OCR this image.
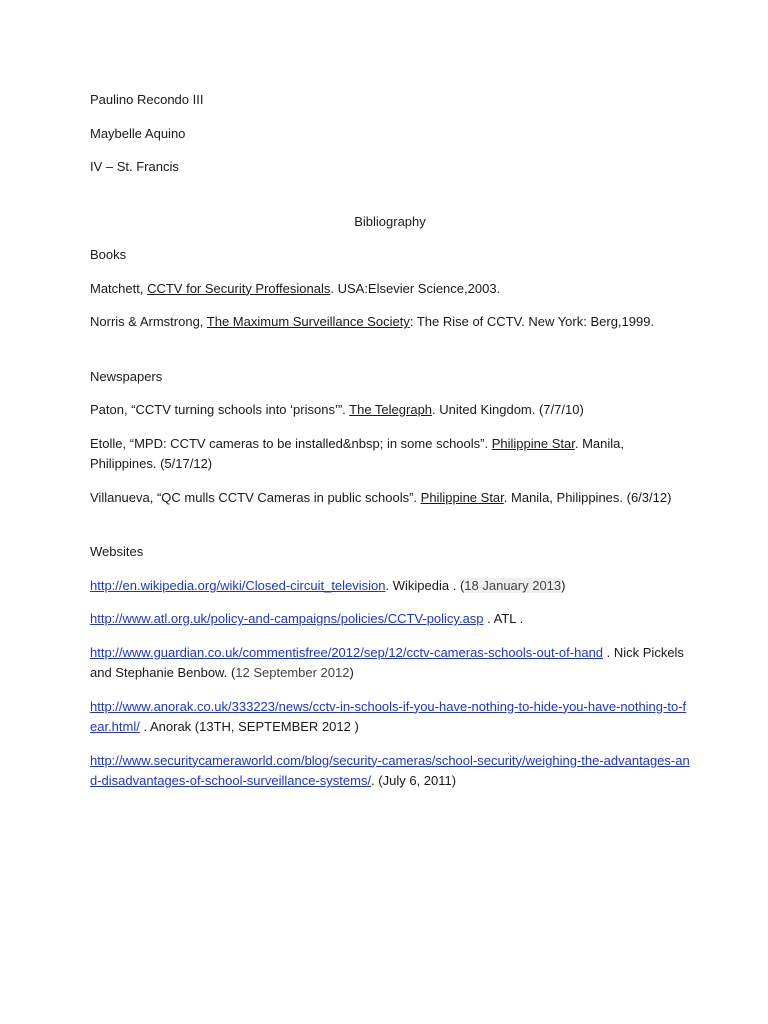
Paulino Recondo III

Maybelle Aquino

IV – St. Francis

Bibliography

Books

Matchett, CCTV for Security Proffesionals. USA:Elsevier Science,2003.

Norris & Armstrong, The Maximum Surveillance Society: The Rise of CCTV. New York: Berg,1999.

Newspapers

Paton, “CCTV turning schools into ‘prisons’”. The Telegraph. United Kingdom. (7/7/10)

Etolle, “MPD: CCTV cameras to be installed&nbsp; in some schools”. Philippine Star. Manila, Philippines. (5/17/12)

Villanueva, “QC mulls CCTV Cameras in public schools”. Philippine Star. Manila, Philippines. (6/3/12)

Websites

http://en.wikipedia.org/wiki/Closed-circuit_television. Wikipedia . (18 January 2013)

http://www.atl.org.uk/policy-and-campaigns/policies/CCTV-policy.asp . ATL .

http://www.guardian.co.uk/commentisfree/2012/sep/12/cctv-cameras-schools-out-of-hand . Nick Pickels and Stephanie Benbow. (12 September 2012)

http://www.anorak.co.uk/333223/news/cctv-in-schools-if-you-have-nothing-to-hide-you-have-nothing-to-fear.html/ . Anorak (13TH, SEPTEMBER 2012 )

http://www.securitycameraworld.com/blog/security-cameras/school-security/weighing-the-advantages-and-disadvantages-of-school-surveillance-systems/. (July 6, 2011)
